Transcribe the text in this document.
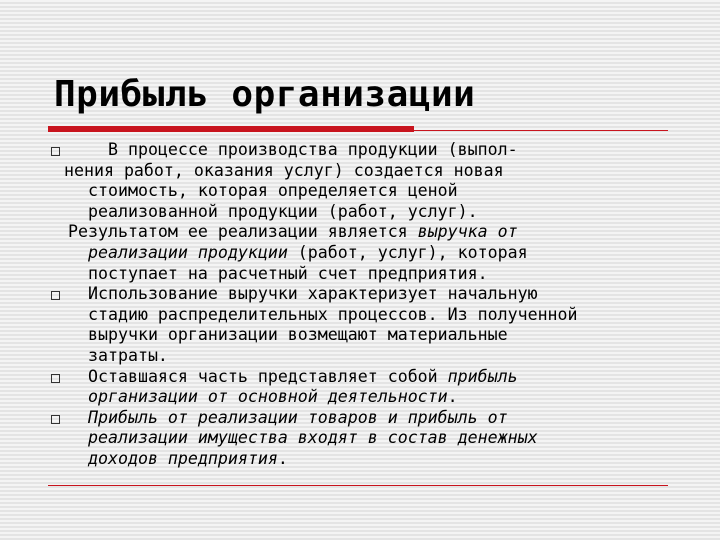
Прибыль организации
В процессе производства продукции (выпол-
нения работ, оказания услуг) создается новая
стоимость, которая определяется ценой
реализованной продукции (работ, услуг).
Результатом ее реализации является выручка от
реализации продукции (работ, услуг), которая
поступает на расчетный счет предприятия.
Использование выручки характеризует начальную
стадию распределительных процессов. Из полученной
выручки организации возмещают материальные
затраты.
Оставшаяся часть представляет собой прибыль
организации от основной деятельности.
Прибыль от реализации товаров и прибыль от
реализации имущества входят в состав денежных
доходов предприятия.
